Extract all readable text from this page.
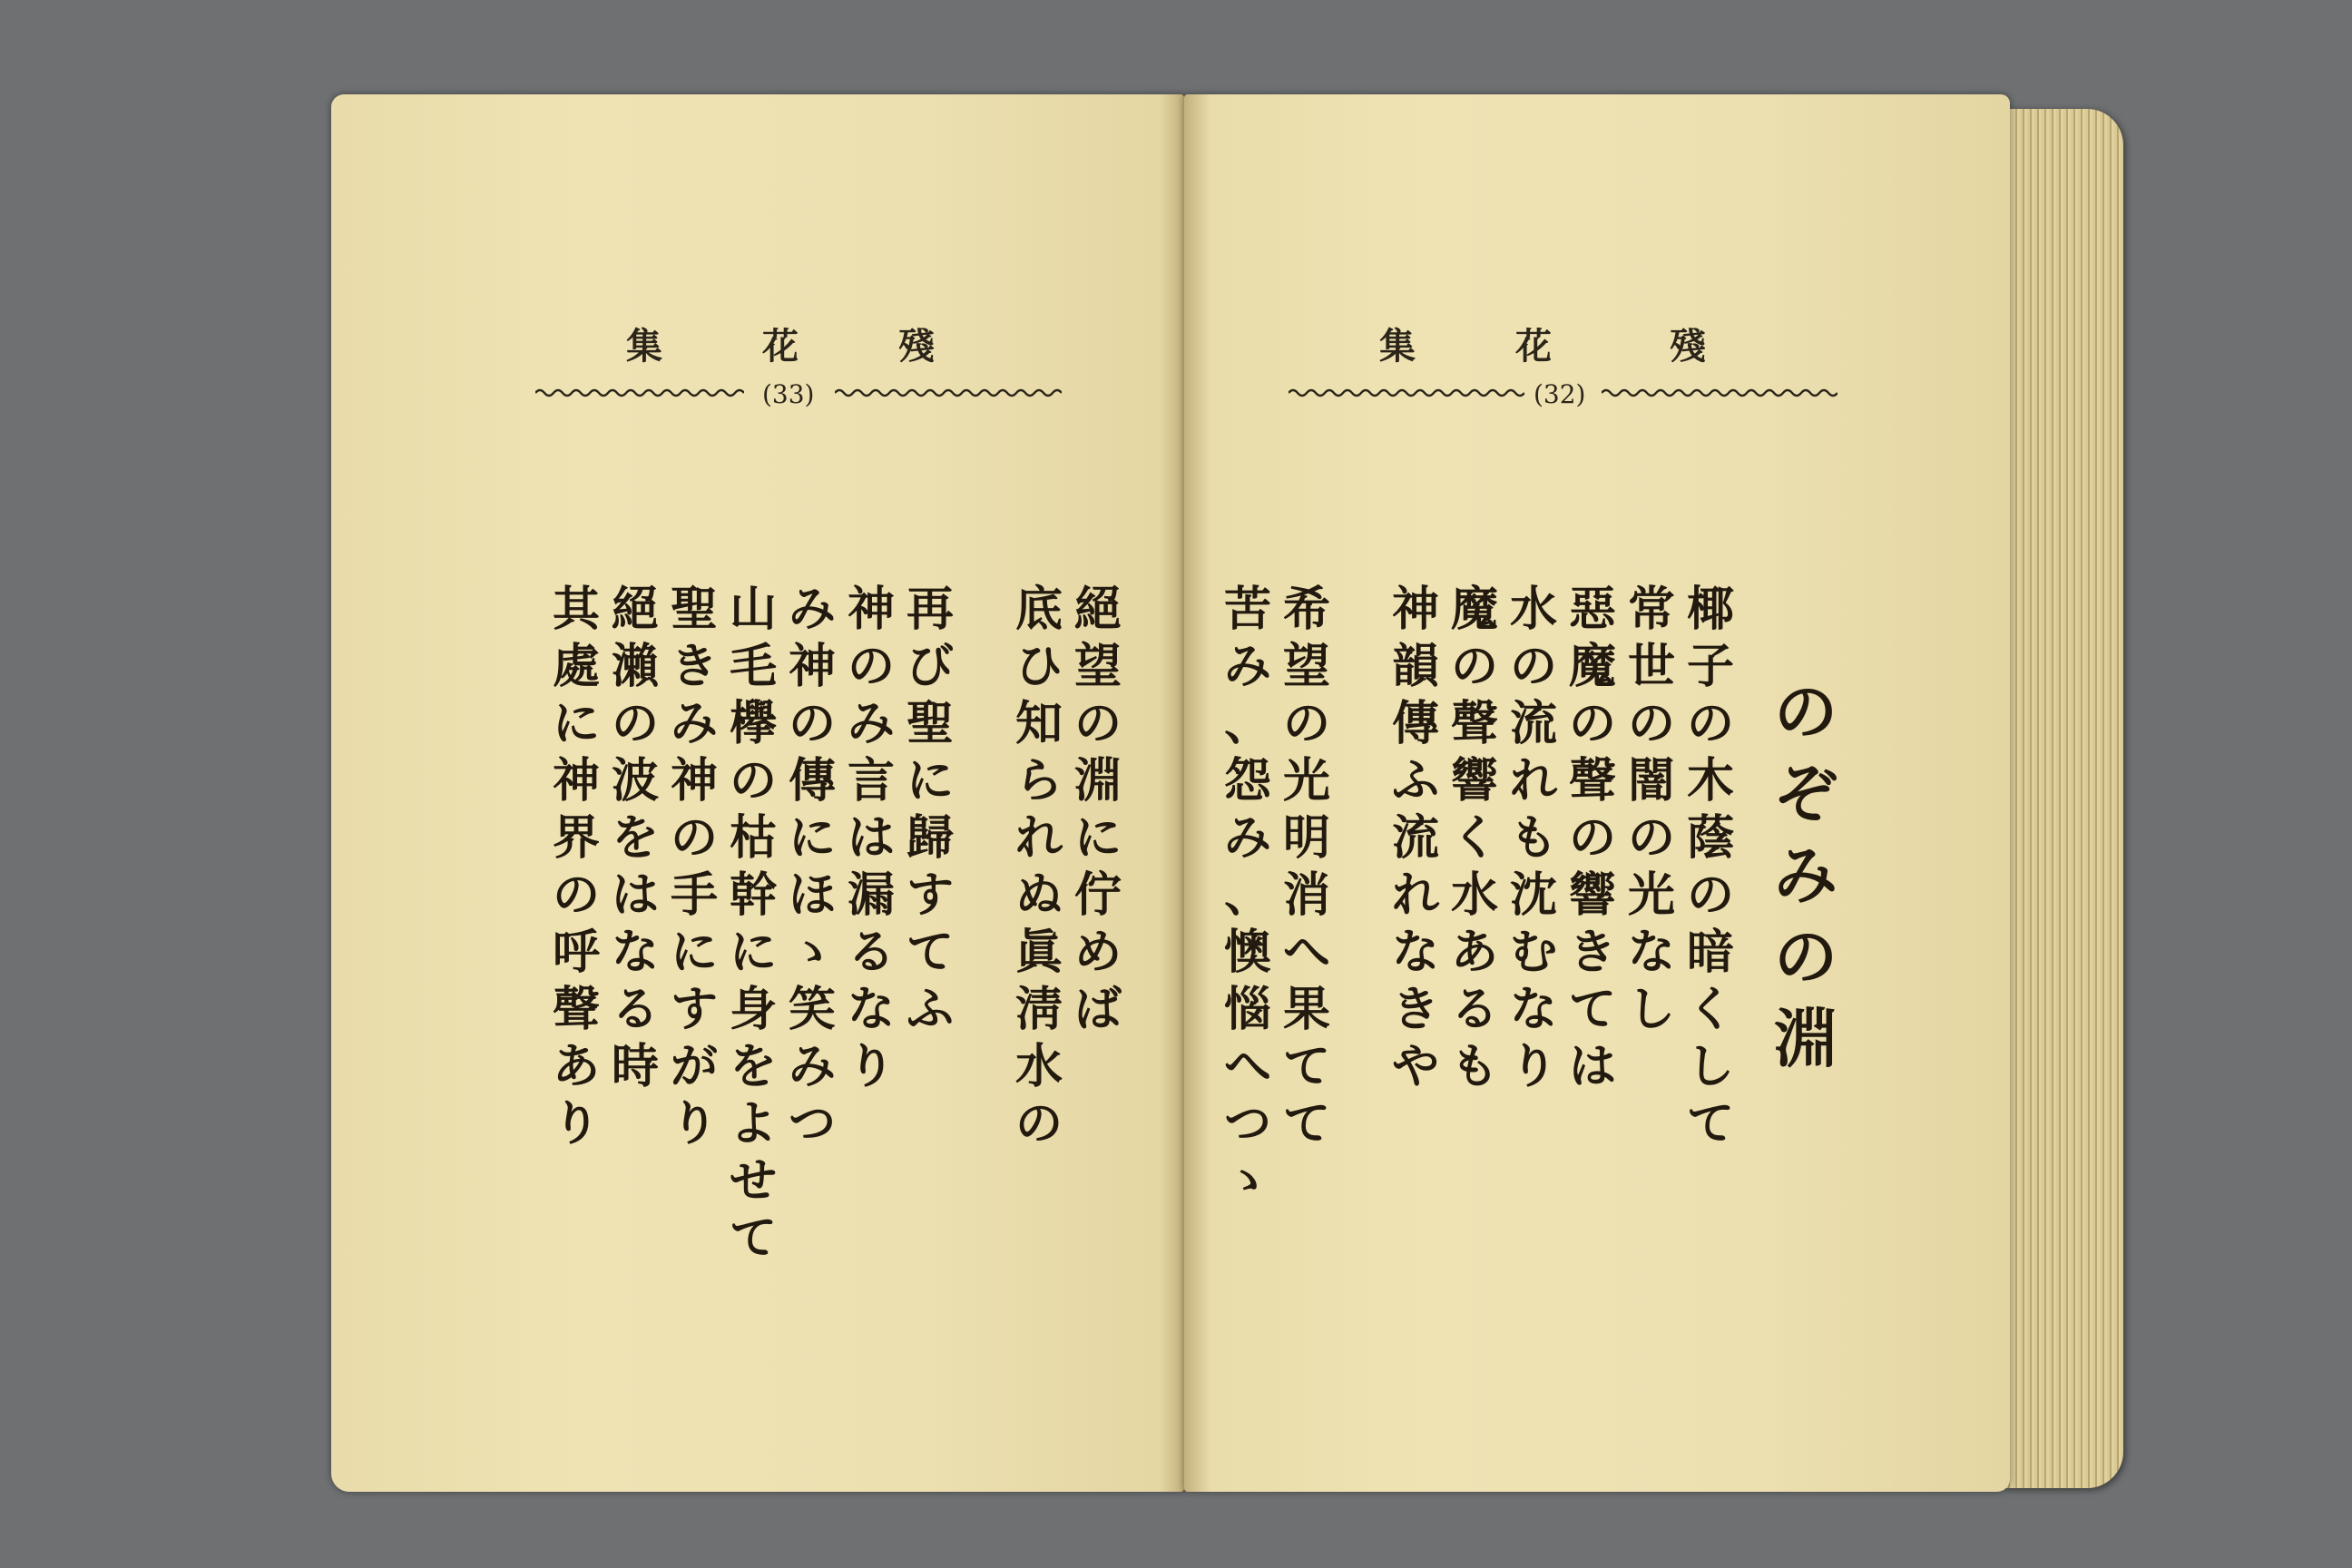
集	花	殘
(33)
絕
望
の
淵
に
佇
め
ば
底
ひ
知
ら
れ
ぬ
眞
淸
水
の
再
び
聖
に
歸
す
て
ふ
神
の
み
言
は
漏
る
な
り
み
神
の
傳
に
ほ
ゝ
笑
み
つ
山
毛
欅
の
枯
幹
に
身
を
よ
せ
て
聖
き
み
神
の
手
に
す
が
り
絕
瀨
の
波
を
は
な
る
時
其
處
に
神
界
の
呼
聲
あ
り
集	花	殘
(32)
の
ぞ
み
の
淵
椰
子
の
木
蔭
の
暗
く
し
て
常
世
の
闇
の
光
な
し
惡
魔
の
聲
の
響
き
て
は
水
の
流
れ
も
沈
む
な
り
魔
の
聲
響
く
水
あ
る
も
神
韻
傳
ふ
流
れ
な
き
や
希
望
の
光
明
消
へ
果
て
て
苦
み
、
怨
み
、
懊
惱
へ
つ
ゝ
